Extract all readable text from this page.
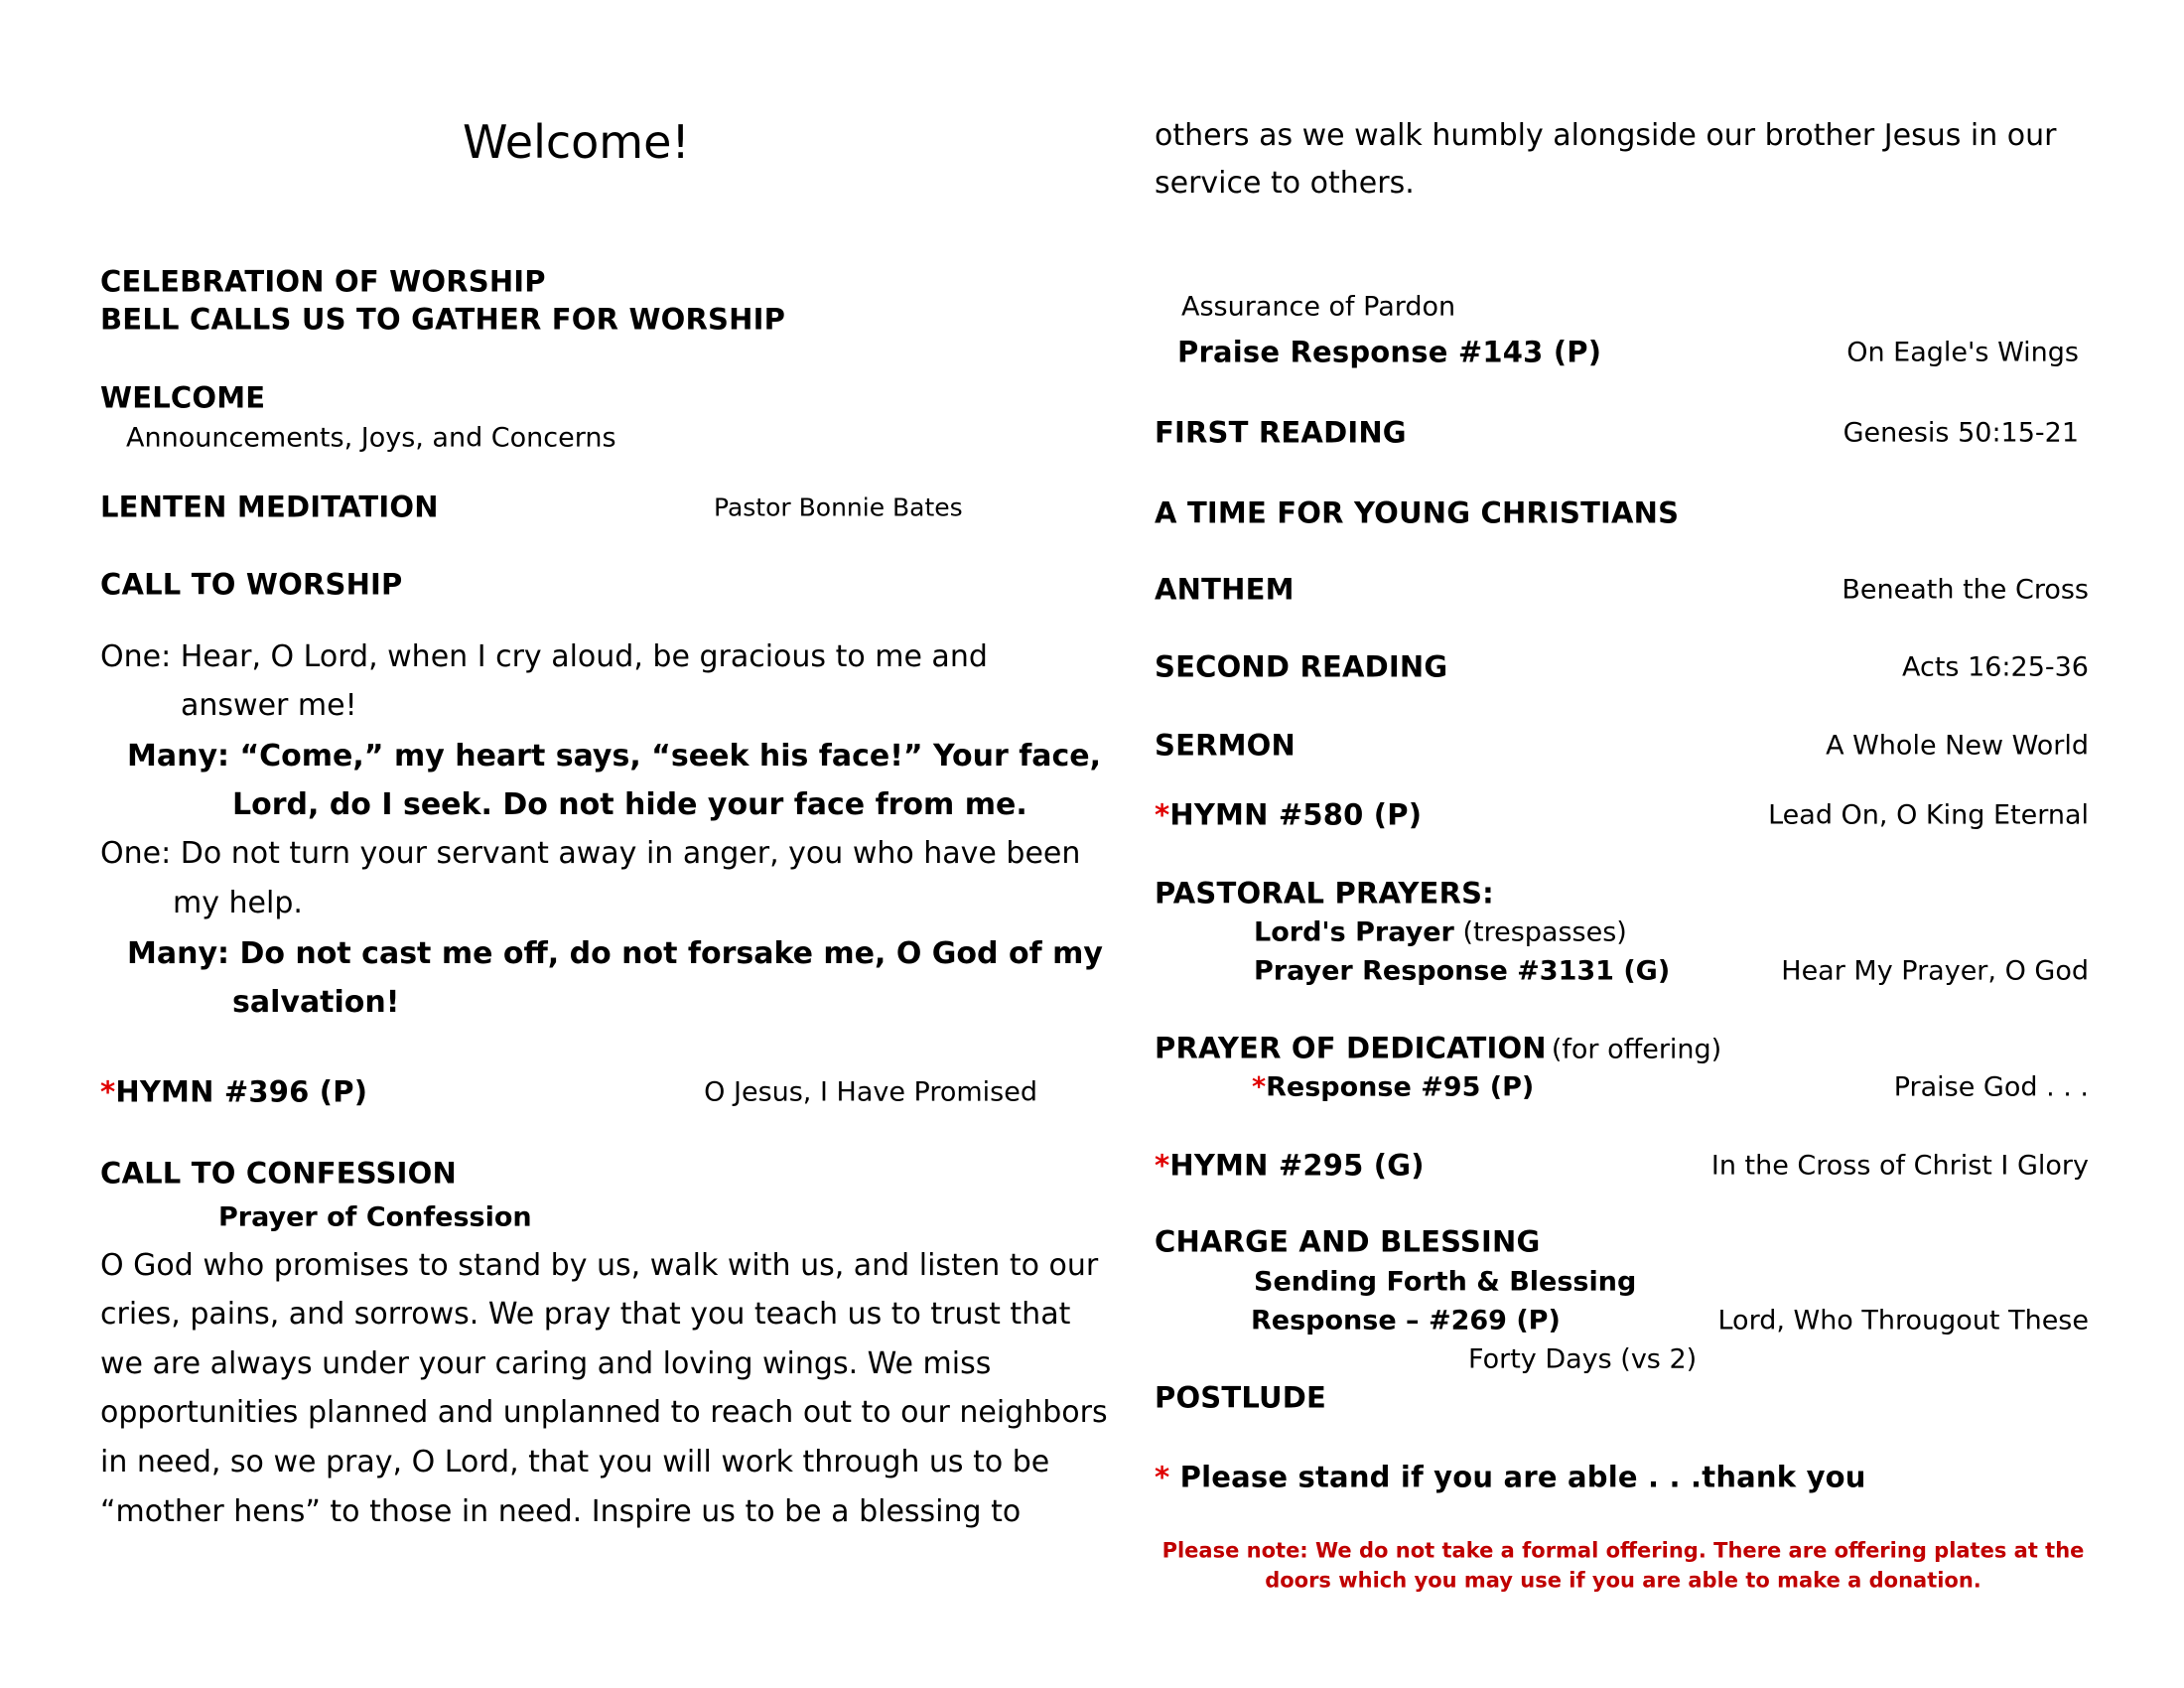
Welcome!
CELEBRATION OF WORSHIP
BELL CALLS US TO GATHER FOR WORSHIP
WELCOME
Announcements, Joys, and Concerns
LENTEN MEDITATION	Pastor Bonnie Bates
CALL TO WORSHIP
One: Hear, O Lord, when I cry aloud, be gracious to me and
answer me!
Many: “Come,” my heart says, “seek his face!” Your face,
Lord, do I seek. Do not hide your face from me.
One: Do not turn your servant away in anger, you who have been
my help.
Many: Do not cast me off, do not forsake me, O God of my
salvation!
*HYMN #396 (P)	O Jesus, I Have Promised
CALL TO CONFESSION
Prayer of Confession
O God who promises to stand by us, walk with us, and listen to our
cries, pains, and sorrows. We pray that you teach us to trust that
we are always under your caring and loving wings. We miss
opportunities planned and unplanned to reach out to our neighbors
in need, so we pray, O Lord, that you will work through us to be
“mother hens” to those in need. Inspire us to be a blessing to
others as we walk humbly alongside our brother Jesus in our
service to others.
Assurance of Pardon
Praise Response #143 (P)	On Eagle's Wings
FIRST READING	Genesis 50:15-21
A TIME FOR YOUNG CHRISTIANS
ANTHEM	Beneath the Cross
SECOND READING	Acts 16:25-36
SERMON	A Whole New World
*HYMN #580 (P)	Lead On, O King Eternal
PASTORAL PRAYERS:
Lord's Prayer (trespasses)
Prayer Response #3131 (G)	Hear My Prayer, O God
PRAYER OF DEDICATION (for offering)
*Response #95 (P)	Praise God . . .
*HYMN #295 (G)	In the Cross of Christ I Glory
CHARGE AND BLESSING
Sending Forth & Blessing
Response – #269 (P)	Lord, Who Througout These
Forty Days (vs 2)
POSTLUDE
* Please stand if you are able . . .thank you
Please note: We do not take a formal offering. There are offering plates at the
doors which you may use if you are able to make a donation.
